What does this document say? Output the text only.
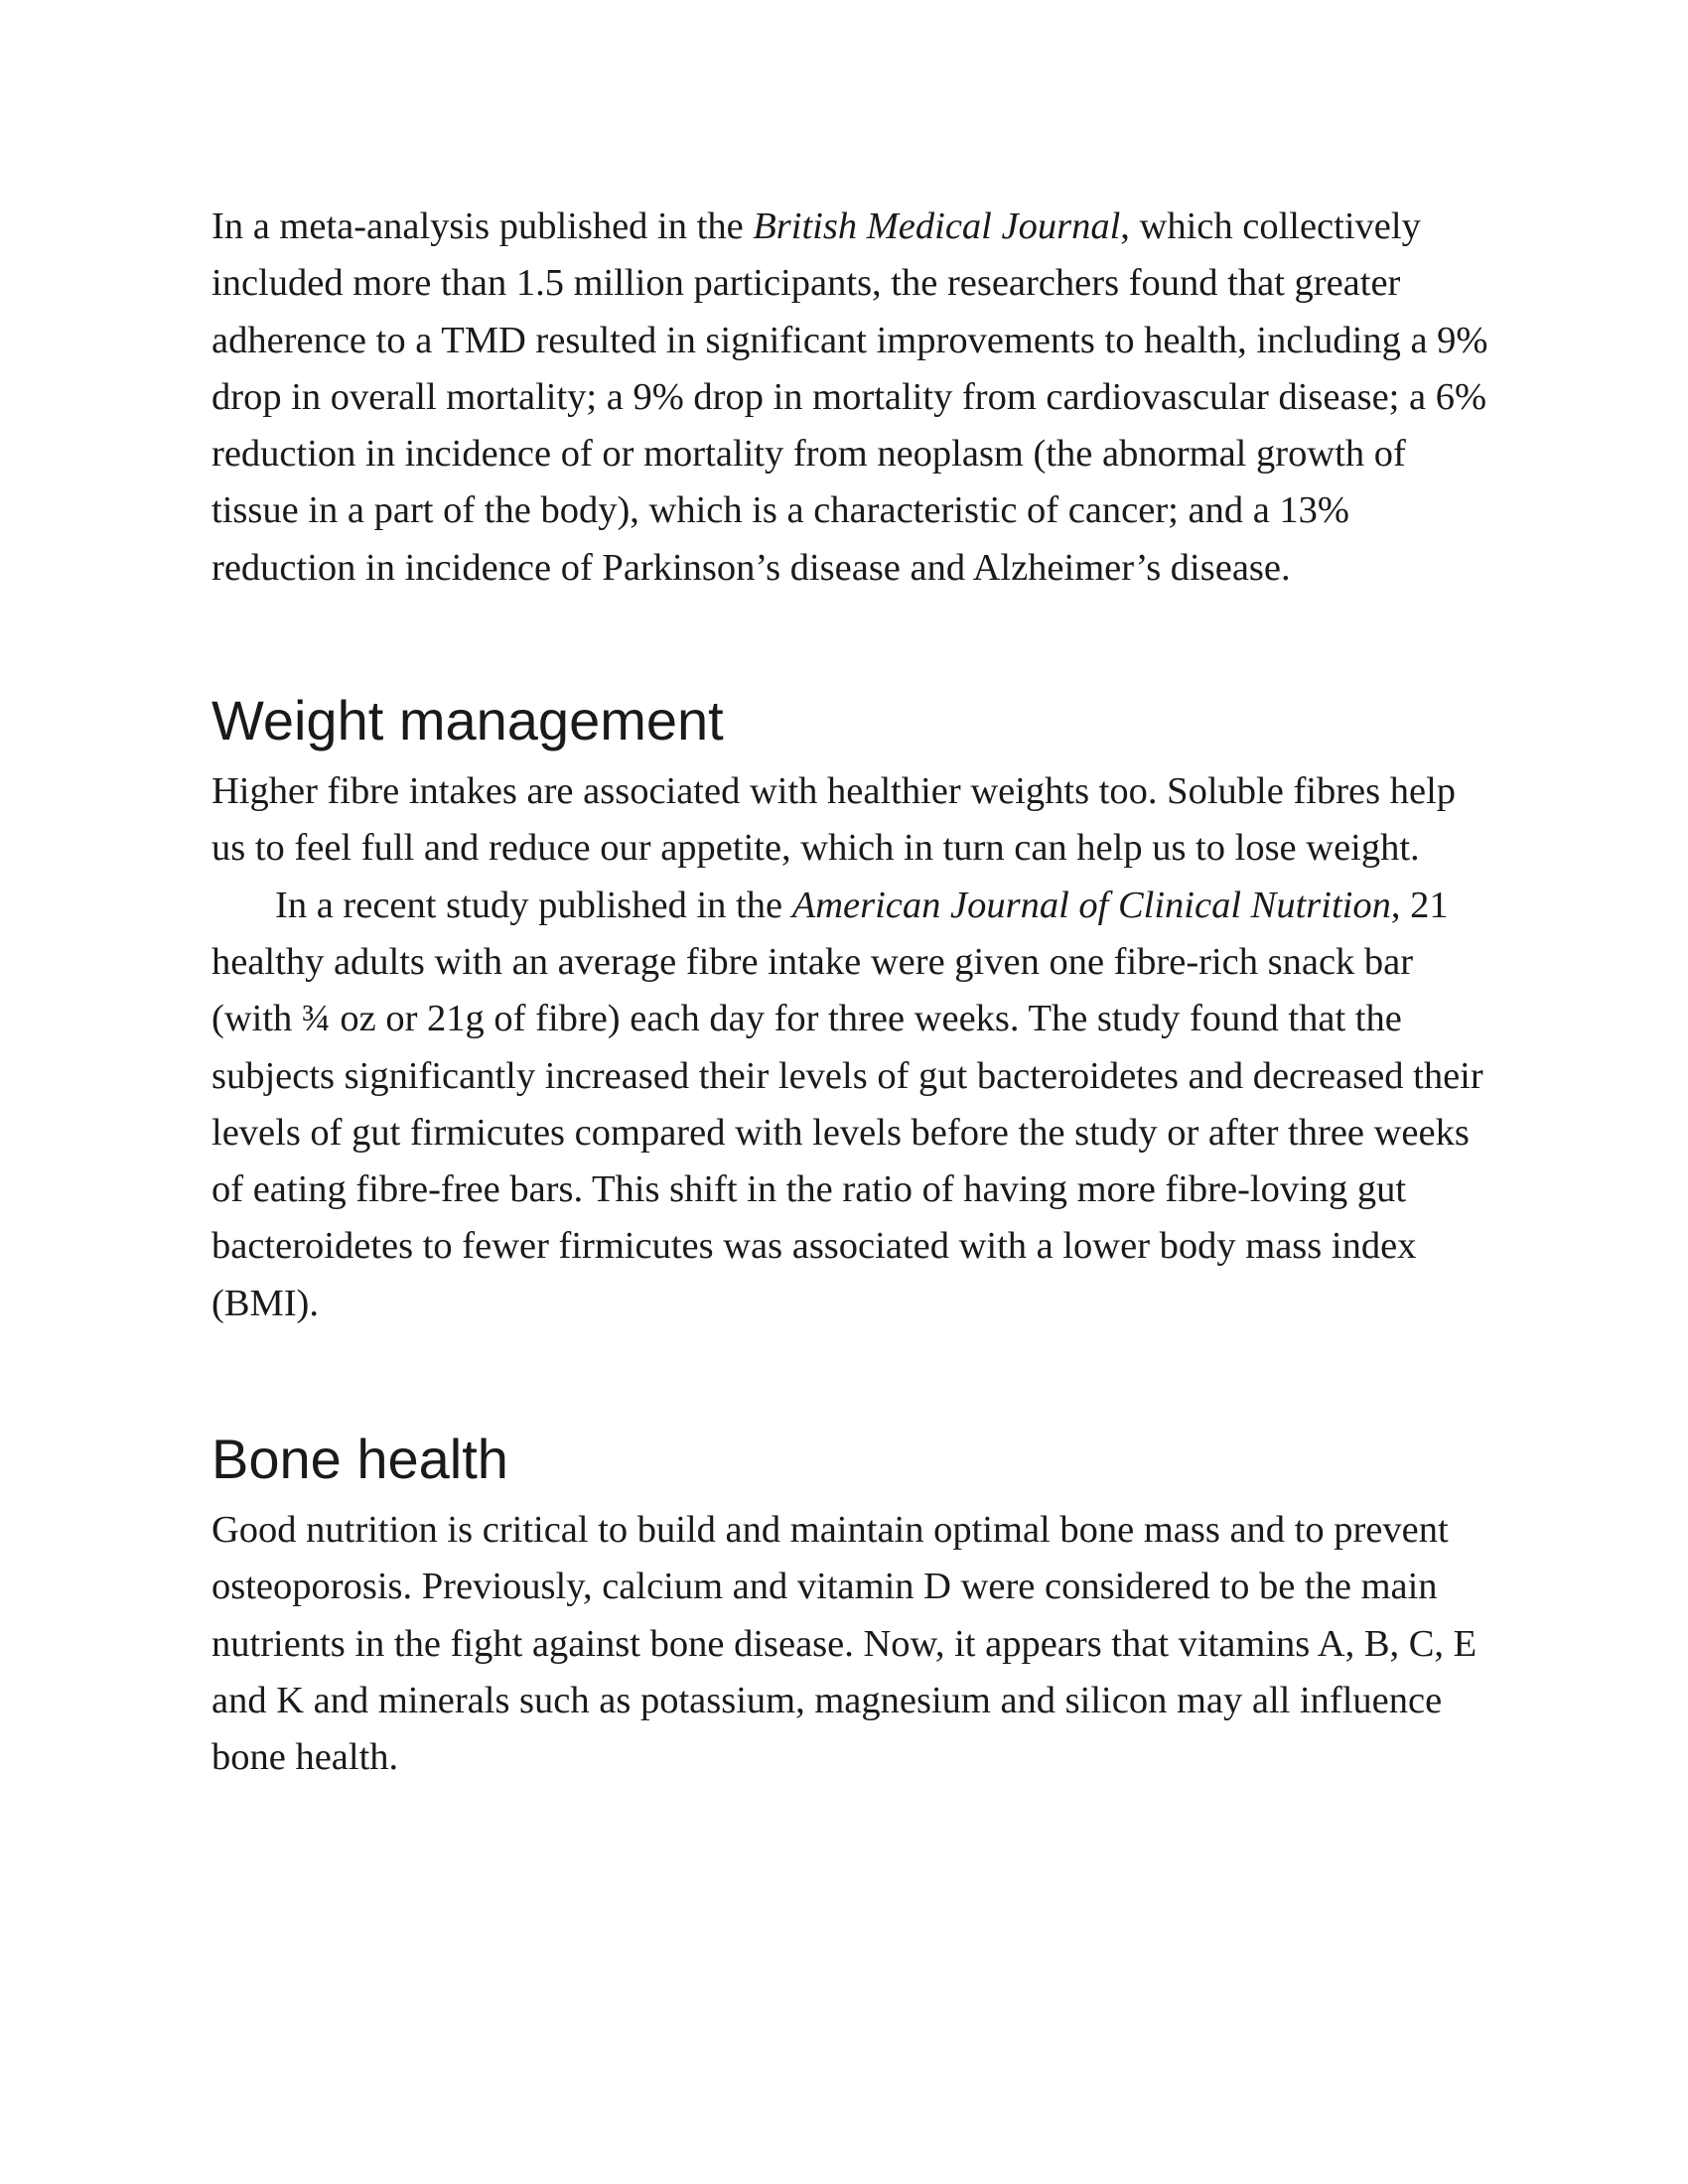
In a meta-analysis published in the British Medical Journal, which collectively included more than 1.5 million participants, the researchers found that greater adherence to a TMD resulted in significant improvements to health, including a 9% drop in overall mortality; a 9% drop in mortality from cardiovascular disease; a 6% reduction in incidence of or mortality from neoplasm (the abnormal growth of tissue in a part of the body), which is a characteristic of cancer; and a 13% reduction in incidence of Parkinson’s disease and Alzheimer’s disease.

Weight management

Higher fibre intakes are associated with healthier weights too. Soluble fibres help us to feel full and reduce our appetite, which in turn can help us to lose weight.

In a recent study published in the American Journal of Clinical Nutrition, 21 healthy adults with an average fibre intake were given one fibre-rich snack bar (with ¾ oz or 21g of fibre) each day for three weeks. The study found that the subjects significantly increased their levels of gut bacteroidetes and decreased their levels of gut firmicutes compared with levels before the study or after three weeks of eating fibre-free bars. This shift in the ratio of having more fibre-loving gut bacteroidetes to fewer firmicutes was associated with a lower body mass index (BMI).

Bone health

Good nutrition is critical to build and maintain optimal bone mass and to prevent osteoporosis. Previously, calcium and vitamin D were considered to be the main nutrients in the fight against bone disease. Now, it appears that vitamins A, B, C, E and K and minerals such as potassium, magnesium and silicon may all influence bone health.
